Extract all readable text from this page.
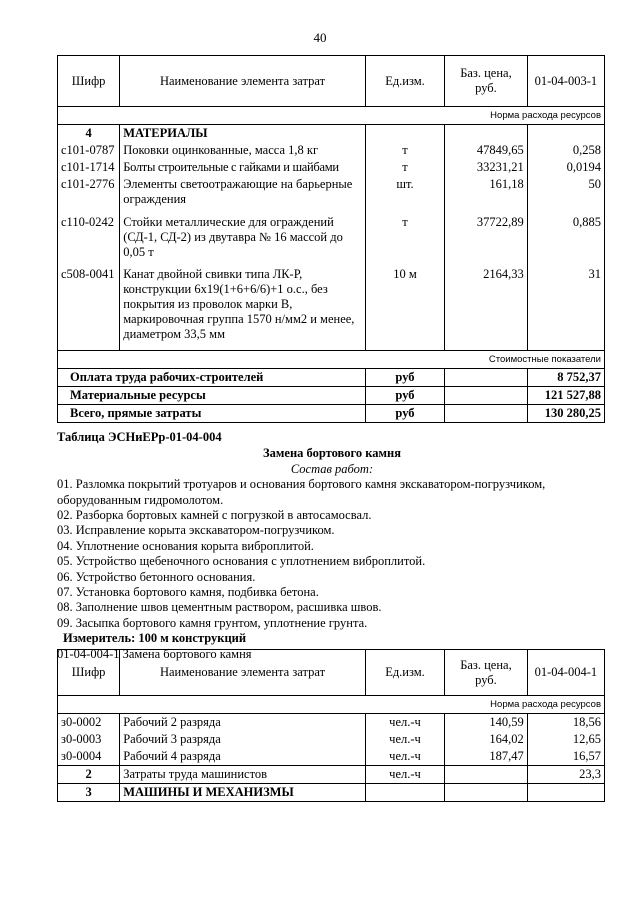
40
Шифр	Наименование элемента затрат	Ед.изм.	Баз. цена, руб.	01-04-003-1
Норма расхода ресурсов				
4	МАТЕРИАЛЫ			
с101-0787	Поковки оцинкованные, масса 1,8 кг	т	47849,65	0,258
с101-1714	Болты строительные с гайками и шайбами	т	33231,21	0,0194
с101-2776	Элементы светоотражающие на барьерные ограждения	шт.	161,18	50
с110-0242	Стойки металлические для ограждений (СД-1, СД-2) из двутавра № 16 массой до 0,05 т	т	37722,89	0,885
с508-0041	Канат двойной свивки типа ЛК-Р, конструкции 6х19(1+6+6/6)+1 о.с., без покрытия из проволок марки В, маркировочная группа 1570 н/мм2 и менее, диаметром 33,5 мм	10 м	2164,33	31
Стоимостные показатели				
Оплата труда рабочих-строителей		руб		8 752,37
Материальные ресурсы		руб		121 527,88
Всего, прямые затраты		руб		130 280,25
Таблица ЭСНиЕРр-01-04-004
Замена бортового камня
Состав работ:
01. Разломка покрытий тротуаров и основания бортового камня экскаватором-погрузчиком, оборудованным гидромолотом.
02. Разборка бортовых камней с погрузкой в автосамосвал.
03. Исправление корыта экскаватором-погрузчиком.
04. Уплотнение основания корыта виброплитой.
05. Устройство щебеночного основания с уплотнением виброплитой.
06. Устройство бетонного основания.
07. Установка бортового камня, подбивка бетона.
08. Заполнение швов цементным раствором, расшивка швов.
09. Засыпка бортового камня грунтом, уплотнение грунта.
Измеритель: 100 м конструкций
01-04-004-1 Замена бортового камня
Шифр	Наименование элемента затрат	Ед.изм.	Баз. цена, руб.	01-04-004-1
Норма расхода ресурсов				
з0-0002	Рабочий 2 разряда	чел.-ч	140,59	18,56
з0-0003	Рабочий 3 разряда	чел.-ч	164,02	12,65
з0-0004	Рабочий 4 разряда	чел.-ч	187,47	16,57
2	Затраты труда машинистов	чел.-ч		23,3
3	МАШИНЫ И МЕХАНИЗМЫ			
